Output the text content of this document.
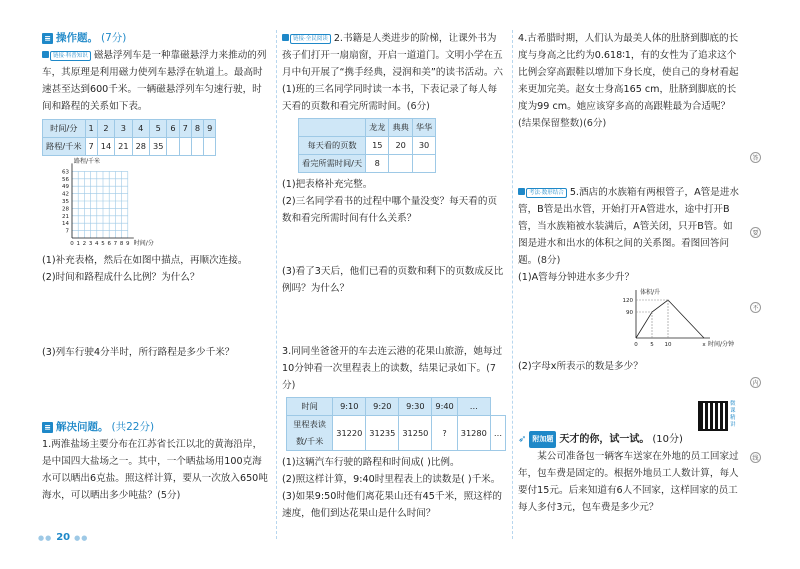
≡ 操作题。 (7分)

链接·科普知识 磁悬浮列车是一种靠磁悬浮力来推动的列车，其原理是利用磁力使列车悬浮在轨道上。最高时速甚至达到600千米。一辆磁悬浮列车匀速行驶，时间和路程的关系如下表。

时间/分	1	2	3	4	5	6	7	8	9
路程/千米	7	14	21	28	35				
路程/千米
63
56
49
42
35
28
21
14
7
0 1 2 3 4 5 6 7 8 9 时间/分

(1)补充表格，然后在如图中描点，再顺次连接。

(2)时间和路程成什么比例？为什么？

(3)列车行驶4分半时，所行路程是多少千米？

≡ 解决问题。 (共22分)

1.两淮盐场主要分布在江苏省长江以北的黄海沿岸，是中国四大盐场之一。其中，一个晒盐场用100克海水可以晒出6克盐。照这样计算，要从一次放入650吨海水，可以晒出多少吨盐？(5分)

●● 20 ●●

链接·全民阅读 2.书籍是人类进步的阶梯，让课外书为孩子们打开一扇扇窗，开启一道道门。文明小学在五月中旬开展了“携手经典，浸润和美”的读书活动。六(1)班的三名同学同时读一本书，下表记录了每人每天看的页数和看完所需时间。(6分)

	龙龙	典典	华华
每天看的页数	15	20	30
看完所需时间/天	8		

(1)把表格补充完整。

(2)三名同学看书的过程中哪个量没变？每天看的页数和看完所需时间有什么关系？

(3)看了3天后，他们已看的页数和剩下的页数成反比例吗？为什么？

3.同同坐爸爸开的车去连云港的花果山旅游，她每过10分钟看一次里程表上的读数，结果记录如下。(7分)

时间	9:10	9:20	9:30	9:40	…	
里程表读数/千米	31220	31235	31250	?	31280	…

(1)这辆汽车行驶的路程和时间成( )比例。

(2)照这样计算，9:40时里程表上的读数是( )千米。

(3)如果9:50时他们离花果山还有45千米，照这样的速度，他们到达花果山是什么时间？

4.古希腊时期，人们认为最美人体的肚脐到脚底的长度与身高之比约为0.618∶1，有的女性为了追求这个比例会穿高跟鞋以增加下身长度，使自己的身材看起来更加完美。赵女士身高165 cm，肚脐到脚底的长度为99 cm。她应该穿多高的高跟鞋最为合适呢？(结果保留整数)(6分)

考法·数形结合 5.酒店的水族箱有两根管子，A管是进水管，B管是出水管，开始打开A管进水，途中打开B管，当水族箱被水装满后，A管关闭，只开B管。如图是进水和出水的体积之间的关系图。看图回答问题。(8分)

(1)A管每分钟进水多少升？

体积/升
时间/分钟
120
90
0 5 10	x

(2)字母x所表示的数是多少？

微课精讲
➶ 附加题 天才的你，试一试。 (10分)

某公司准备包一辆客车送家在外地的员工回家过年，包车费是固定的。根据外地员工人数计算，每人要付15元。后来知道有6人不回家，这样回家的员工每人多付3元，包车费是多少元？

答
要
不
内
线
